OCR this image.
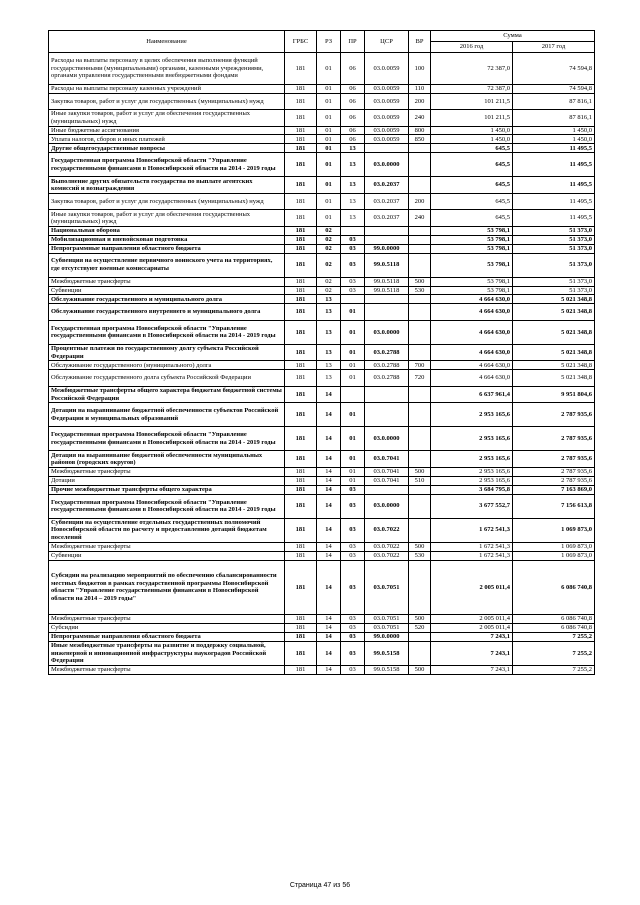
Наименование	ГРБС	РЗ	ПР	ЦСР	ВР	Сумма	
						2016 год	2017 год
Расходы на выплаты персоналу в целях обеспечения выполнения функций государственными (муниципальными) органами, казенными учреждениями, органами управления государственными внебюджетными фондами	181	01	06	03.0.0059	100	72 387,0	74 594,8
Расходы на выплаты персоналу казенных учреждений	181	01	06	03.0.0059	110	72 387,0	74 594,8
Закупка товаров, работ и услуг для государственных (муниципальных) нужд	181	01	06	03.0.0059	200	101 211,5	87 816,1
Иные закупки товаров, работ и услуг для обеспечения государственных (муниципальных) нужд	181	01	06	03.0.0059	240	101 211,5	87 816,1
Иные бюджетные ассигнования	181	01	06	03.0.0059	800	1 450,0	1 450,0
Уплата налогов, сборов и иных платежей	181	01	06	03.0.0059	850	1 450,0	1 450,0
Другие общегосударственные вопросы	181	01	13			645,5	11 495,5
Государственная программа Новосибирской области "Управление государственными финансами в Новосибирской области на 2014 - 2019 годы	181	01	13	03.0.0000		645,5	11 495,5
Выполнение других обязательств государства по выплате агентских комиссий и вознаграждения	181	01	13	03.0.2037		645,5	11 495,5
Закупка товаров, работ и услуг для государственных (муниципальных) нужд	181	01	13	03.0.2037	200	645,5	11 495,5
Иные закупки товаров, работ и услуг для обеспечения государственных (муниципальных) нужд	181	01	13	03.0.2037	240	645,5	11 495,5
Национальная оборона	181	02				53 798,1	51 373,0
Мобилизационная и вневойсковая подготовка	181	02	03			53 798,1	51 373,0
Непрограммные направления областного бюджета	181	02	03	99.0.0000		53 798,1	51 373,0
Субвенция на осуществление первичного воинского учета на территориях, где отсутствуют военные комиссариаты	181	02	03	99.0.5118		53 798,1	51 373,0
Межбюджетные трансферты	181	02	03	99.0.5118	500	53 798,1	51 373,0
Субвенции	181	02	03	99.0.5118	530	53 798,1	51 373,0
Обслуживание государственного и муниципального долга	181	13				4 664 630,0	5 021 348,8
Обслуживание государственного внутреннего и муниципального долга	181	13	01			4 664 630,0	5 021 348,8
Государственная программа Новосибирской области "Управление государственными финансами в Новосибирской области на 2014 - 2019 годы	181	13	01	03.0.0000		4 664 630,0	5 021 348,8
Процентные платежи по государственному долгу субъекта Российской Федерации	181	13	01	03.0.2788		4 664 630,0	5 021 348,8
Обслуживание государственного (муниципального) долга	181	13	01	03.0.2788	700	4 664 630,0	5 021 348,8
Обслуживание государственного долга субъекта Российской Федерации	181	13	01	03.0.2788	720	4 664 630,0	5 021 348,8
Межбюджетные трансферты общего характера бюджетам бюджетной системы Российской Федерации	181	14				6 637 961,4	9 951 804,6
Дотации на выравнивание бюджетной обеспеченности субъектов Российской Федерации и муниципальных образований	181	14	01			2 953 165,6	2 787 935,6
Государственная программа Новосибирской области "Управление государственными финансами в Новосибирской области на 2014 - 2019 годы	181	14	01	03.0.0000		2 953 165,6	2 787 935,6
Дотация на выравнивание бюджетной обеспеченности муниципальных районов (городских округов)	181	14	01	03.0.7041		2 953 165,6	2 787 935,6
Межбюджетные трансферты	181	14	01	03.0.7041	500	2 953 165,6	2 787 935,6
Дотации	181	14	01	03.0.7041	510	2 953 165,6	2 787 935,6
Прочие межбюджетные трансферты общего характера	181	14	03			3 684 795,8	7 163 869,0
Государственная программа Новосибирской области "Управление государственными финансами в Новосибирской области на 2014 - 2019 годы	181	14	03	03.0.0000		3 677 552,7	7 156 613,8
Субвенции на осуществление отдельных государственных полномочий Новосибирской области по расчету и предоставлению дотаций бюджетам поселений	181	14	03	03.0.7022		1 672 541,3	1 069 873,0
Межбюджетные трансферты	181	14	03	03.0.7022	500	1 672 541,3	1 069 873,0
Субвенции	181	14	03	03.0.7022	530	1 672 541,3	1 069 873,0
Субсидии на реализацию мероприятий по обеспечению сбалансированности местных бюджетов в рамках государственной программы Новосибирской области "Управление государственными финансами в Новосибирской области на 2014 – 2019 годы"	181	14	03	03.0.7051		2 005 011,4	6 086 740,8
Межбюджетные трансферты	181	14	03	03.0.7051	500	2 005 011,4	6 086 740,8
Субсидии	181	14	03	03.0.7051	520	2 005 011,4	6 086 740,8
Непрограммные направления областного бюджета	181	14	03	99.0.0000		7 243,1	7 255,2
Иные межбюджетные трансферты на развитие и поддержку социальной, инженерной и инновационной инфраструктуры наукоградов Российской Федерации	181	14	03	99.0.5158		7 243,1	7 255,2
Межбюджетные трансферты	181	14	03	99.0.5158	500	7 243,1	7 255,2
Страница 47 из 56
